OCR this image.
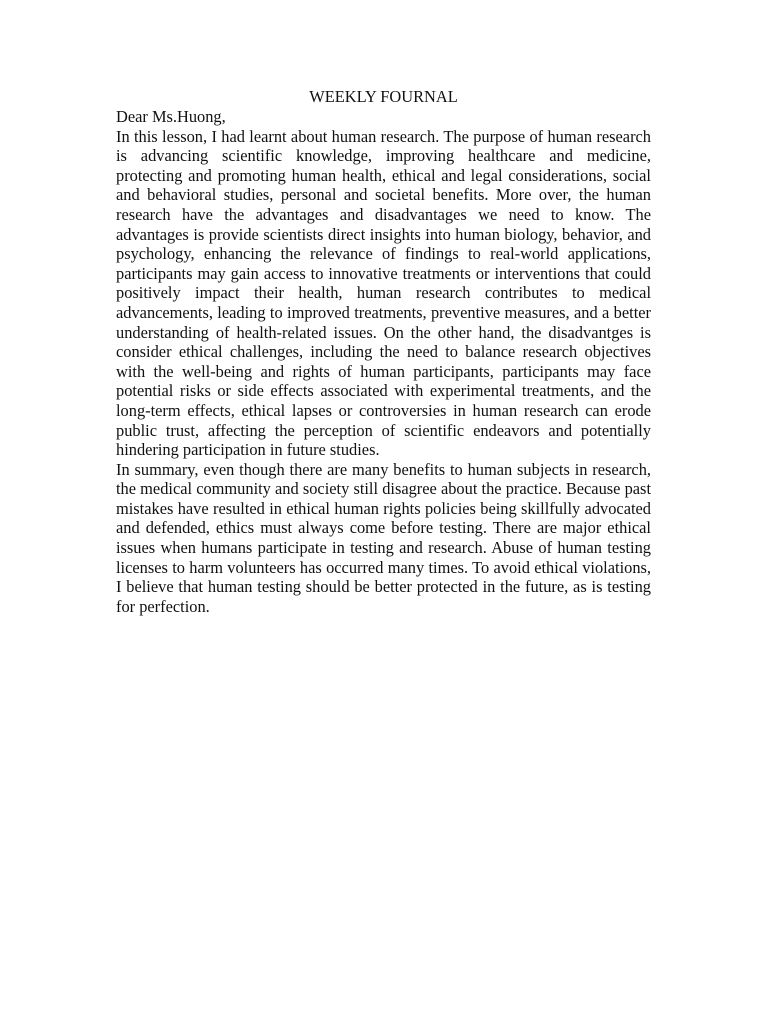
WEEKLY FOURNAL

Dear Ms.Huong,

In this lesson, I had learnt about human research. The purpose of human research is advancing scientific knowledge, improving healthcare and medicine, protecting and promoting human health, ethical and legal considerations, social and behavioral studies, personal and societal benefits. More over, the human research have the advantages and disadvantages we need to know. The advantages is provide scientists direct insights into human biology, behavior, and psychology, enhancing the relevance of findings to real-world applications, participants may gain access to innovative treatments or interventions that could positively impact their health, human research contributes to medical advancements, leading to improved treatments, preventive measures, and a better understanding of health-related issues. On the other hand, the disadvantges is consider ethical challenges, including the need to balance research objectives with the well-being and rights of human participants, participants may face potential risks or side effects associated with experimental treatments, and the long-term effects, ethical lapses or controversies in human research can erode public trust, affecting the perception of scientific endeavors and potentially hindering participation in future studies.

In summary, even though there are many benefits to human subjects in research, the medical community and society still disagree about the practice. Because past mistakes have resulted in ethical human rights policies being skillfully advocated and defended, ethics must always come before testing. There are major ethical issues when humans participate in testing and research. Abuse of human testing licenses to harm volunteers has occurred many times. To avoid ethical violations, I believe that human testing should be better protected in the future, as is testing for perfection.
